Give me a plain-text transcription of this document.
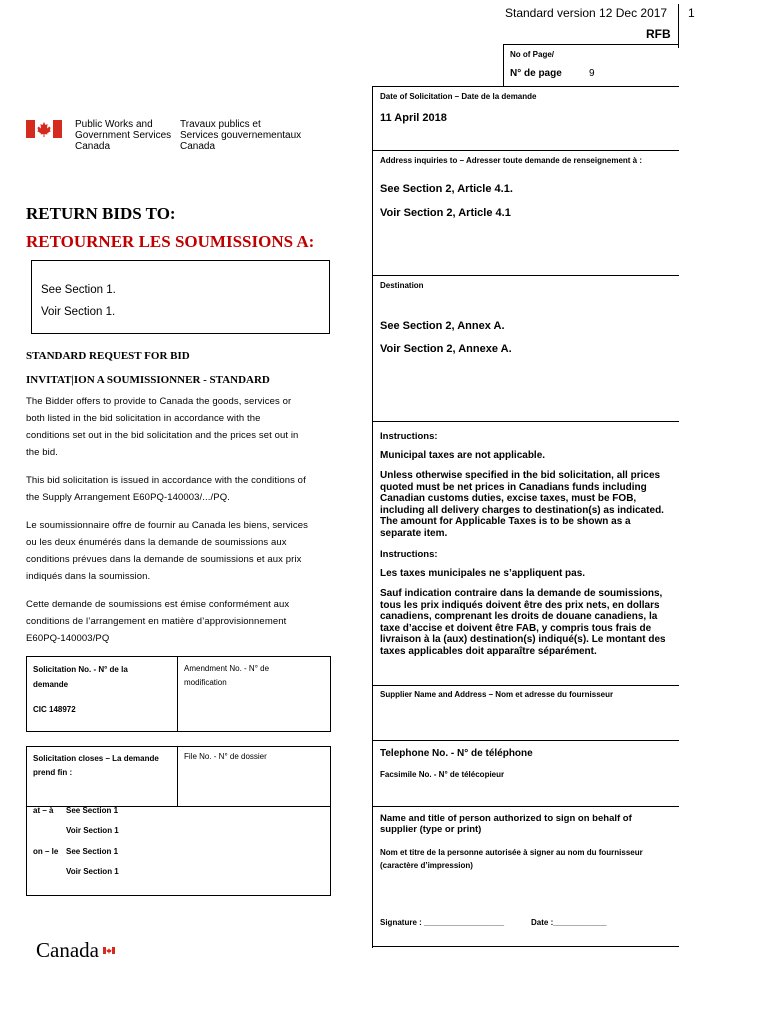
Standard version 12 Dec 2017 1
RFB
No of Page/
N° de page	9
Date of Solicitation – Date de la demande
11 April 2018
Address inquiries to – Adresser toute demande de renseignement à :
See Section 2, Article 4.1.
Voir Section 2, Article 4.1
Public Works and
Government Services
Canada
Travaux publics et
Services gouvernementaux
Canada
RETURN BIDS TO:
RETOURNER LES SOUMISSIONS A:
See Section 1.
Voir Section 1.
Destination
See Section 2, Annex A.
Voir Section 2, Annexe A.
STANDARD REQUEST FOR BID
INVITAT|ION A SOUMISSIONNER - STANDARD
The Bidder offers to provide to Canada the goods, services or
both listed in the bid solicitation in accordance with the
conditions set out in the bid solicitation and the prices set out in
the bid.
This bid solicitation is issued in accordance with the conditions of
the Supply Arrangement E60PQ-140003/.../PQ.
Le soumissionnaire offre de fournir au Canada les biens, services
ou les deux énumérés dans la demande de soumissions aux
conditions prévues dans la demande de soumissions et aux prix
indiqués dans la soumission.
Cette demande de soumissions est émise conformément aux
conditions de l’arrangement en matière d’approvisionnement
E60PQ-140003/PQ
Instructions:
Municipal taxes are not applicable.
Unless otherwise specified in the bid solicitation, all prices
quoted must be net prices in Canadians funds including
Canadian customs duties, excise taxes, must be FOB,
including all delivery charges to destination(s) as indicated.
The amount for Applicable Taxes is to be shown as a
separate item.
Instructions:
Les taxes municipales ne s’appliquent pas.
Sauf indication contraire dans la demande de soumissions,
tous les prix indiqués doivent être des prix nets, en dollars
canadiens, comprenant les droits de douane canadiens, la
taxe d’accise et doivent être FAB, y compris tous frais de
livraison à la (aux) destination(s) indiqué(s). Le montant des
taxes applicables doit apparaître séparément.
Solicitation No. - N° de la
demande
CIC 148972
Amendment No. - N° de
modification
Supplier Name and Address – Nom et adresse du fournisseur
Solicitation closes – La demande
prend fin :
File No. - N° de dossier
at – à See Section 1
Voir Section 1
on – le See Section 1
Voir Section 1
Telephone No. - N° de téléphone
Facsimile No. - N° de télécopieur
Name and title of person authorized to sign on behalf of
supplier (type or print)
Nom et titre de la personne autorisée à signer au nom du fournisseur
(caractère d’impression)
Signature : __________________	Date :____________
Canada
